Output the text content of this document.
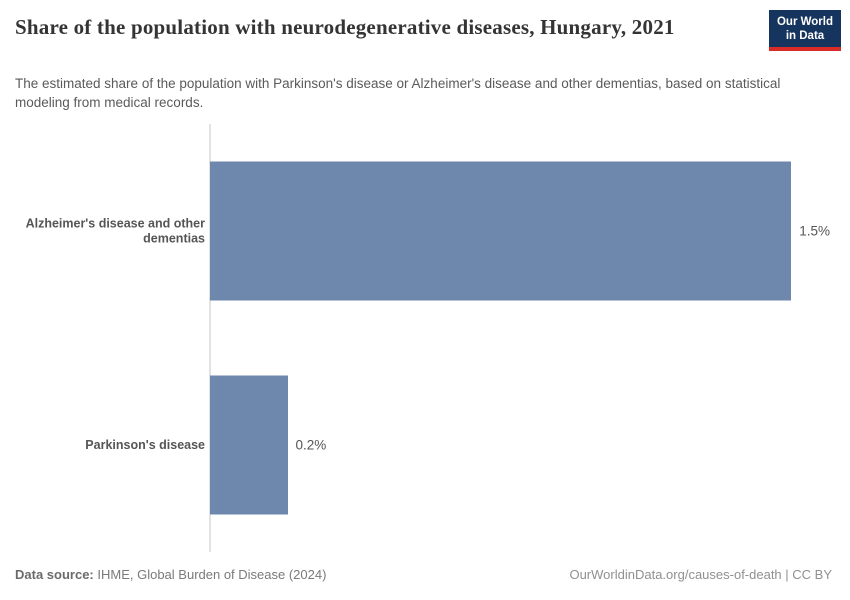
Share of the population with neurodegenerative diseases, Hungary, 2021

The estimated share of the population with Parkinson's disease or Alzheimer's disease and other dementias, based on statistical modeling from medical records.

Our World
in Data
Alzheimer's disease and other dementias	1.5%
Parkinson's disease	0.2%
Data source: IHME, Global Burden of Disease (2024)	OurWorldinData.org/causes-of-death | CC BY
